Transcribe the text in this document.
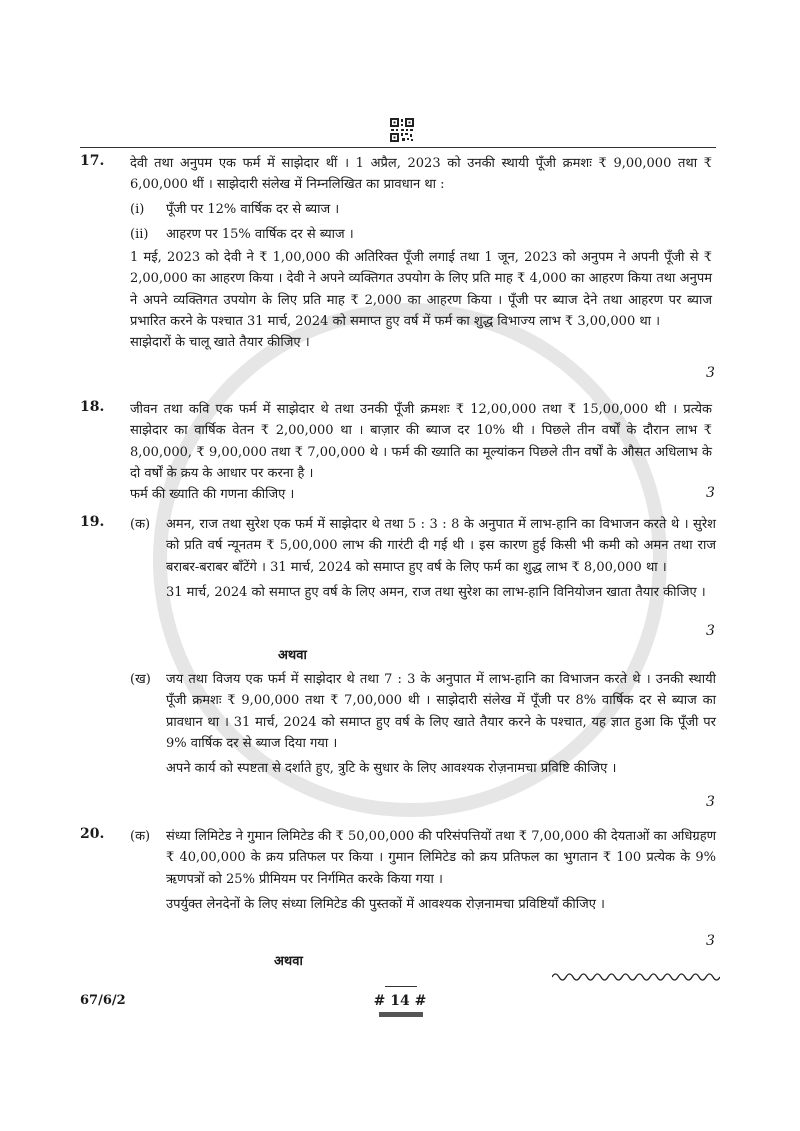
17. देवी तथा अनुपम एक फर्म में साझेदार थीं । 1 अप्रैल, 2023 को उनकी स्थायी पूँजी क्रमशः ₹ 9,00,000 तथा ₹ 6,00,000 थीं । साझेदारी संलेख में निम्नलिखित का प्रावधान था :

(i)	पूँजी पर 12% वार्षिक दर से ब्याज ।
(ii)	आहरण पर 15% वार्षिक दर से ब्याज ।

1 मई, 2023 को देवी ने ₹ 1,00,000 की अतिरिक्त पूँजी लगाई तथा 1 जून, 2023 को अनुपम ने अपनी पूँजी से ₹ 2,00,000 का आहरण किया । देवी ने अपने व्यक्तिगत उपयोग के लिए प्रति माह ₹ 4,000 का आहरण किया तथा अनुपम ने अपने व्यक्तिगत उपयोग के लिए प्रति माह ₹ 2,000 का आहरण किया । पूँजी पर ब्याज देने तथा आहरण पर ब्याज प्रभारित करने के पश्चात 31 मार्च, 2024 को समाप्त हुए वर्ष में फर्म का शुद्ध विभाज्य लाभ ₹ 3,00,000 था ।

साझेदारों के चालू खाते तैयार कीजिए ।

3
18. जीवन तथा कवि एक फर्म में साझेदार थे तथा उनकी पूँजी क्रमशः ₹ 12,00,000 तथा ₹ 15,00,000 थी । प्रत्येक साझेदार का वार्षिक वेतन ₹ 2,00,000 था । बाज़ार की ब्याज दर 10% थी । पिछले तीन वर्षों के दौरान लाभ ₹ 8,00,000, ₹ 9,00,000 तथा ₹ 7,00,000 थे । फर्म की ख्याति का मूल्यांकन पिछले तीन वर्षों के औसत अधिलाभ के दो वर्षों के क्रय के आधार पर करना है ।

फर्म की ख्याति की गणना कीजिए ।	3
19. (क) अमन, राज तथा सुरेश एक फर्म में साझेदार थे तथा 5 : 3 : 8 के अनुपात में लाभ-हानि का विभाजन करते थे । सुरेश को प्रति वर्ष न्यूनतम ₹ 5,00,000 लाभ की गारंटी दी गई थी । इस कारण हुई किसी भी कमी को अमन तथा राज बराबर-बराबर बाँटेंगे । 31 मार्च, 2024 को समाप्त हुए वर्ष के लिए फर्म का शुद्ध लाभ ₹ 8,00,000 था ।

31 मार्च, 2024 को समाप्त हुए वर्ष के लिए अमन, राज तथा सुरेश का लाभ-हानि विनियोजन खाता तैयार कीजिए ।

3
अथवा
(ख) जय तथा विजय एक फर्म में साझेदार थे तथा 7 : 3 के अनुपात में लाभ-हानि का विभाजन करते थे । उनकी स्थायी पूँजी क्रमशः ₹ 9,00,000 तथा ₹ 7,00,000 थी । साझेदारी संलेख में पूँजी पर 8% वार्षिक दर से ब्याज का प्रावधान था । 31 मार्च, 2024 को समाप्त हुए वर्ष के लिए खाते तैयार करने के पश्चात, यह ज्ञात हुआ कि पूँजी पर 9% वार्षिक दर से ब्याज दिया गया ।

अपने कार्य को स्पष्टता से दर्शाते हुए, त्रुटि के सुधार के लिए आवश्यक रोज़नामचा प्रविष्टि कीजिए ।

3
20. (क) संध्या लिमिटेड ने गुमान लिमिटेड की ₹ 50,00,000 की परिसंपत्तियों तथा ₹ 7,00,000 की देयताओं का अधिग्रहण ₹ 40,00,000 के क्रय प्रतिफल पर किया । गुमान लिमिटेड को क्रय प्रतिफल का भुगतान ₹ 100 प्रत्येक के 9% ऋणपत्रों को 25% प्रीमियम पर निर्गमित करके किया गया ।

उपर्युक्त लेनदेनों के लिए संध्या लिमिटेड की पुस्तकों में आवश्यक रोज़नामचा प्रविष्टियाँ कीजिए ।

3
अथवा
67/6/2	# 14 #
